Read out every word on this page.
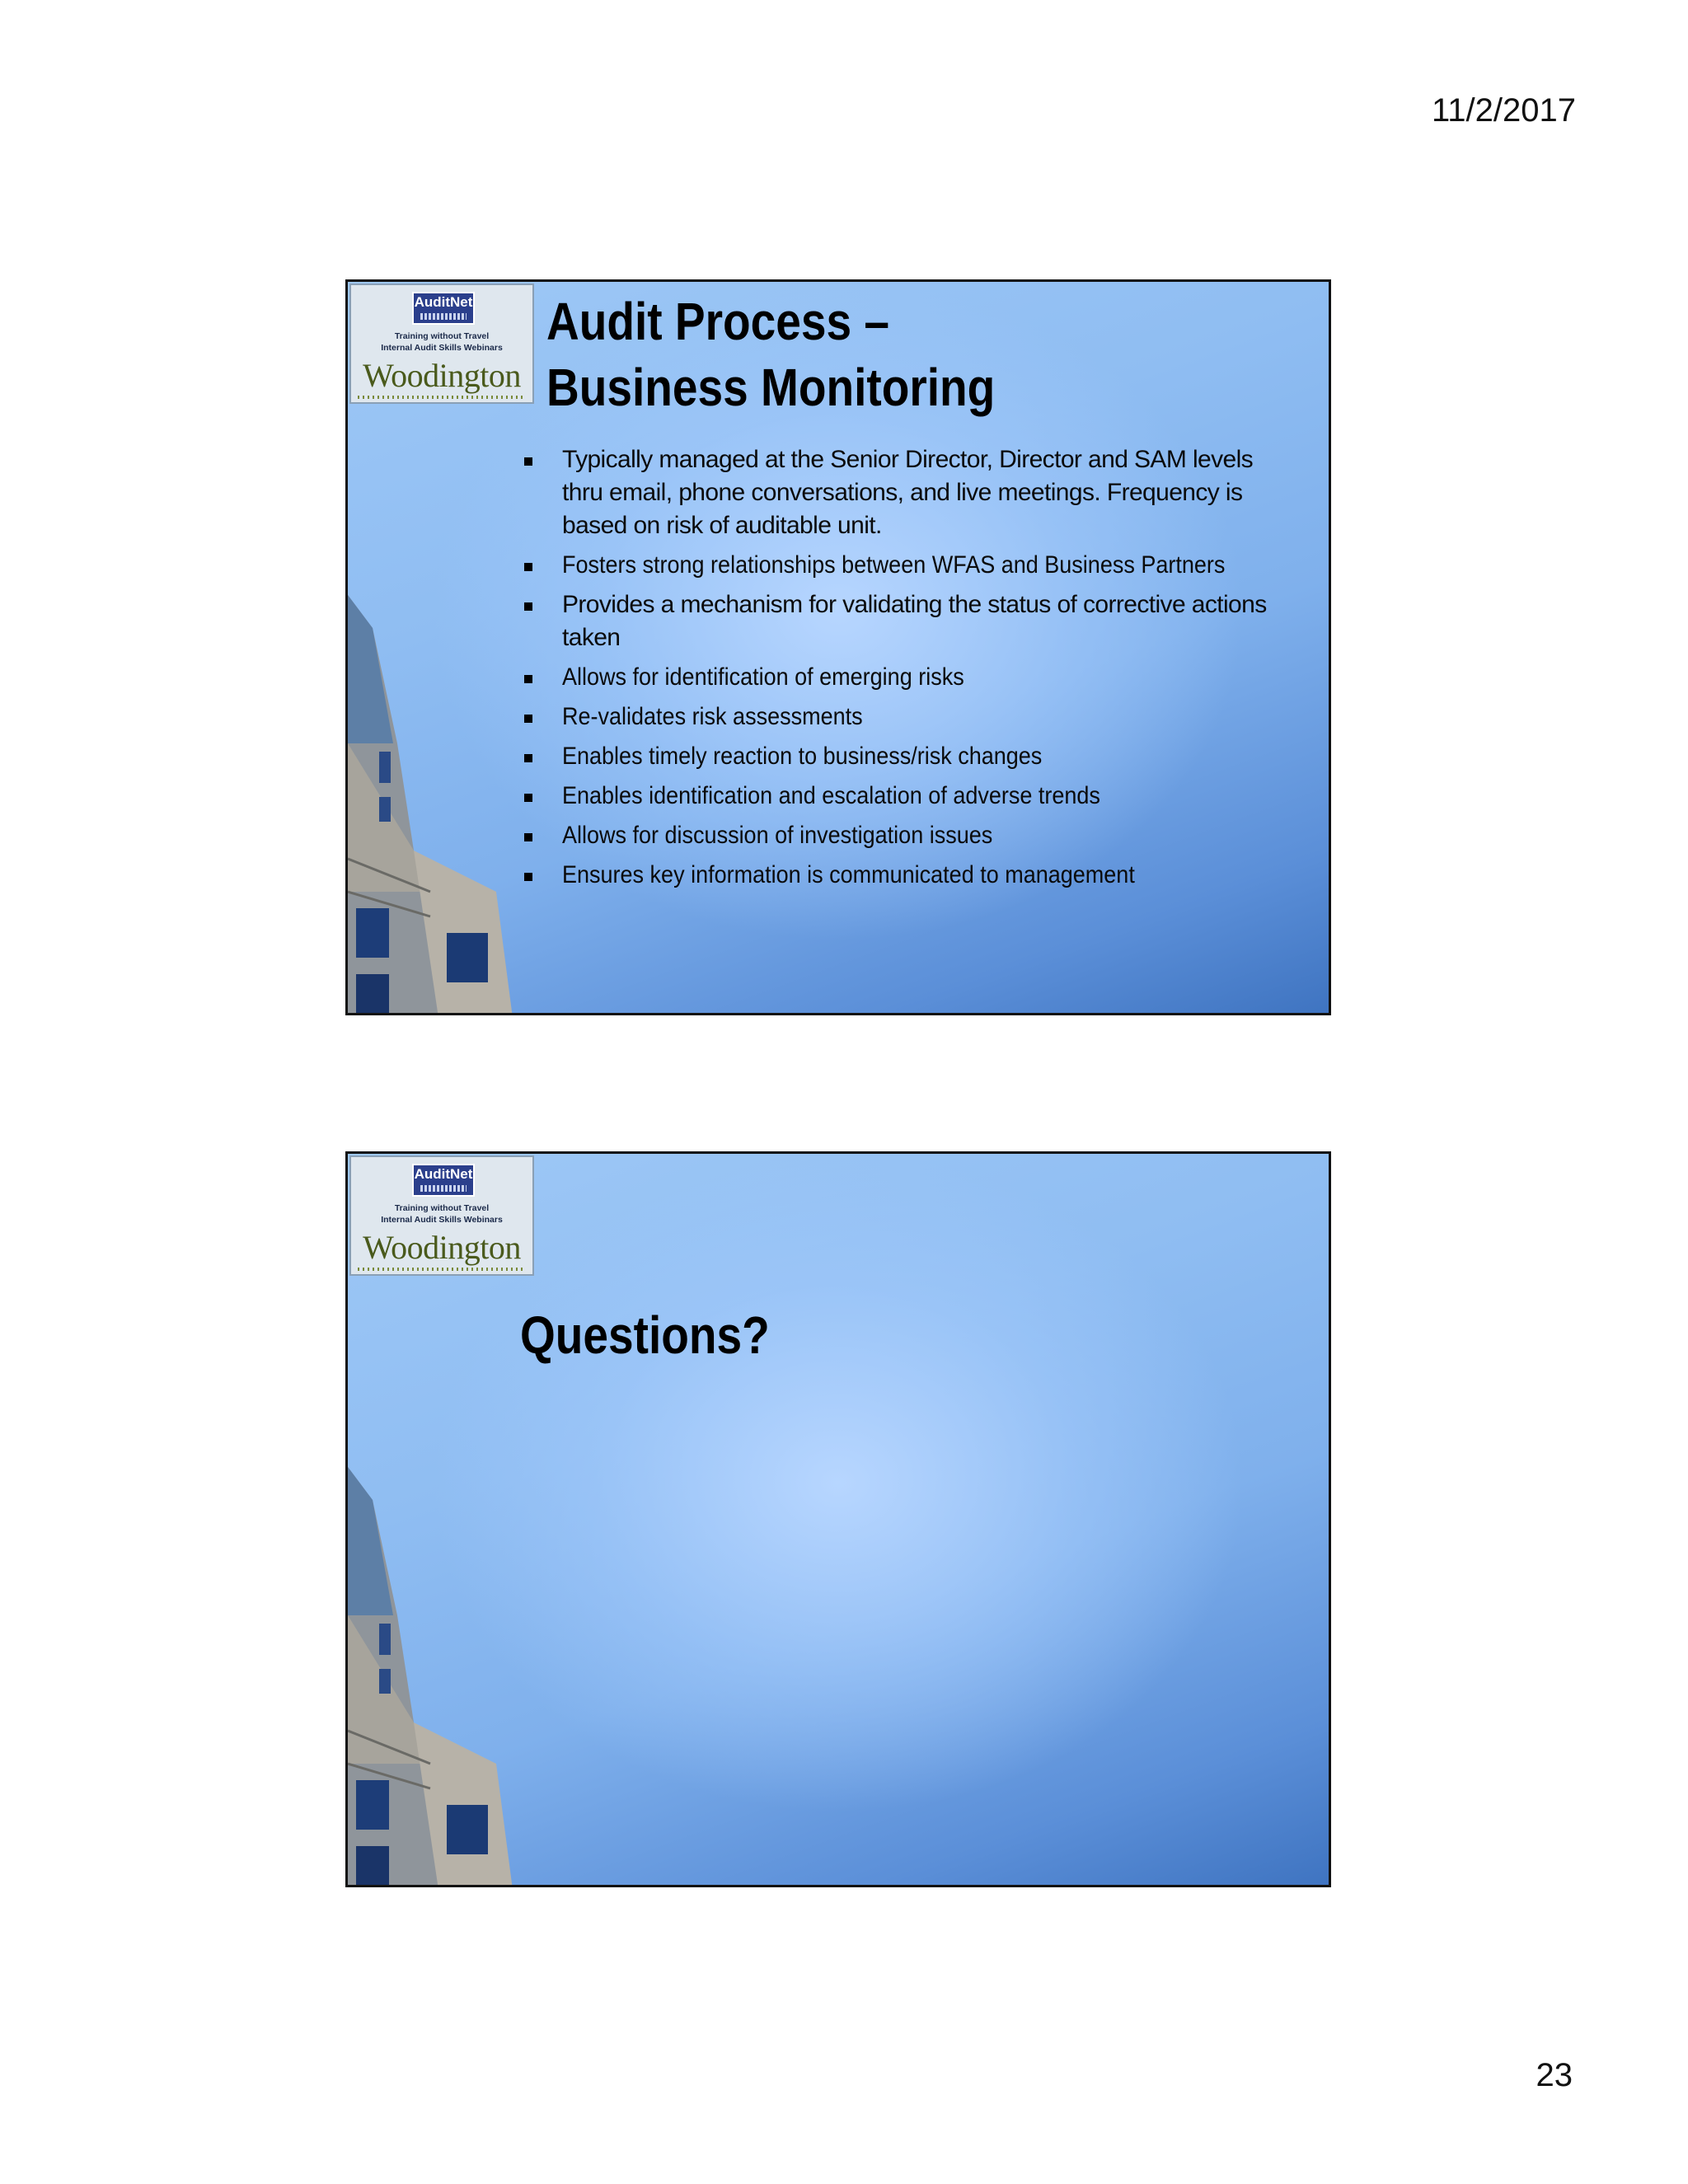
11/2/2017
AuditNet
Training without Travel
Internal Audit Skills Webinars
Woodington
Audit Process –
Business Monitoring
Typically managed at the Senior Director, Director and SAM levels thru email, phone conversations, and live meetings. Frequency is based on risk of auditable unit.
Fosters strong relationships between WFAS and Business Partners
Provides a mechanism for validating the status of corrective actions taken
Allows for identification of emerging risks
Re-validates risk assessments
Enables timely reaction to business/risk changes
Enables identification and escalation of adverse trends
Allows for discussion of investigation issues
Ensures key information is communicated to management
AuditNet
Training without Travel
Internal Audit Skills Webinars
Woodington
Questions?
23
